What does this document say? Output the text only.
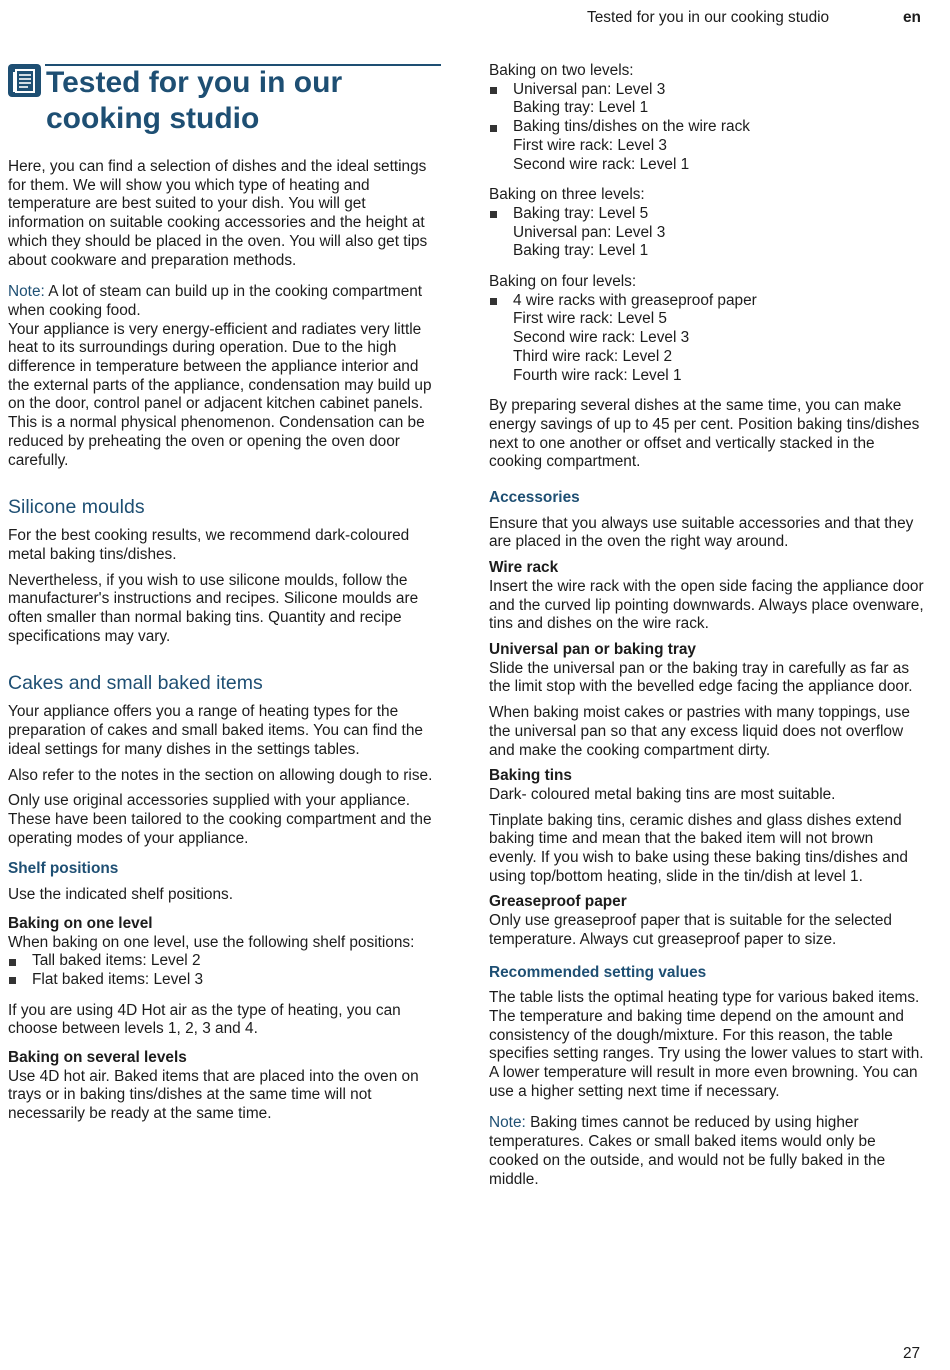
Tested for you in our cooking studio	en
Tested for you in our cooking studio

Here, you can find a selection of dishes and the ideal settings for them. We will show you which type of heating and temperature are best suited to your dish. You will get information on suitable cooking accessories and the height at which they should be placed in the oven. You will also get tips about cookware and preparation methods.

Note: A lot of steam can build up in the cooking compartment when cooking food.

Your appliance is very energy-efficient and radiates very little heat to its surroundings during operation. Due to the high difference in temperature between the appliance interior and the external parts of the appliance, condensation may build up on the door, control panel or adjacent kitchen cabinet panels. This is a normal physical phenomenon. Condensation can be reduced by preheating the oven or opening the oven door carefully.

Silicone moulds

For the best cooking results, we recommend dark-coloured metal baking tins/dishes.

Nevertheless, if you wish to use silicone moulds, follow the manufacturer's instructions and recipes. Silicone moulds are often smaller than normal baking tins. Quantity and recipe specifications may vary.

Cakes and small baked items

Your appliance offers you a range of heating types for the preparation of cakes and small baked items. You can find the ideal settings for many dishes in the settings tables.

Also refer to the notes in the section on allowing dough to rise.

Only use original accessories supplied with your appliance. These have been tailored to the cooking compartment and the operating modes of your appliance.

Shelf positions

Use the indicated shelf positions.

Baking on one level

When baking on one level, use the following shelf positions:

Tall baked items: Level 2
Flat baked items: Level 3

If you are using 4D Hot air as the type of heating, you can choose between levels 1, 2, 3 and 4.

Baking on several levels

Use 4D hot air. Baked items that are placed into the oven on trays or in baking tins/dishes at the same time will not necessarily be ready at the same time.

Baking on two levels:
Universal pan: Level 3
Baking tray: Level 1
Baking tins/dishes on the wire rack
First wire rack: Level 3
Second wire rack: Level 1
Baking on three levels:
Baking tray: Level 5
Universal pan: Level 3
Baking tray: Level 1
Baking on four levels:
4 wire racks with greaseproof paper
First wire rack: Level 5
Second wire rack: Level 3
Third wire rack: Level 2
Fourth wire rack: Level 1

By preparing several dishes at the same time, you can make energy savings of up to 45 per cent. Position baking tins/dishes next to one another or offset and vertically stacked in the cooking compartment.

Accessories

Ensure that you always use suitable accessories and that they are placed in the oven the right way around.

Wire rack

Insert the wire rack with the open side facing the appliance door and the curved lip pointing downwards. Always place ovenware, tins and dishes on the wire rack.

Universal pan or baking tray

Slide the universal pan or the baking tray in carefully as far as the limit stop with the bevelled edge facing the appliance door.

When baking moist cakes or pastries with many toppings, use the universal pan so that any excess liquid does not overflow and make the cooking compartment dirty.

Baking tins

Dark- coloured metal baking tins are most suitable.

Tinplate baking tins, ceramic dishes and glass dishes extend baking time and mean that the baked item will not brown evenly. If you wish to bake using these baking tins/dishes and using top/bottom heating, slide in the tin/dish at level 1.

Greaseproof paper

Only use greaseproof paper that is suitable for the selected temperature. Always cut greaseproof paper to size.

Recommended setting values

The table lists the optimal heating type for various baked items. The temperature and baking time depend on the amount and consistency of the dough/mixture. For this reason, the table specifies setting ranges. Try using the lower values to start with. A lower temperature will result in more even browning. You can use a higher setting next time if necessary.

Note: Baking times cannot be reduced by using higher temperatures. Cakes or small baked items would only be cooked on the outside, and would not be fully baked in the middle.

27
